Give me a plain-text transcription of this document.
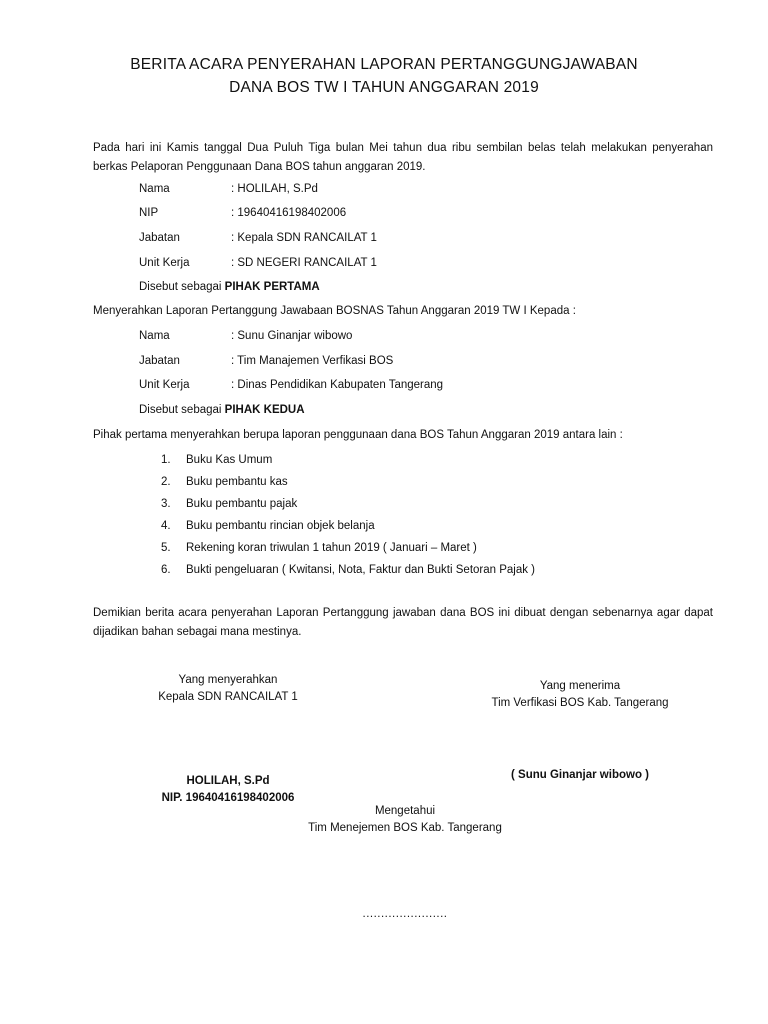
BERITA ACARA PENYERAHAN LAPORAN PERTANGGUNGJAWABAN
DANA BOS TW I TAHUN ANGGARAN 2019
Pada hari ini Kamis tanggal Dua Puluh Tiga bulan Mei tahun dua ribu sembilan belas telah melakukan penyerahan berkas Pelaporan Penggunaan Dana BOS tahun anggaran 2019.
Nama	: HOLILAH, S.Pd
NIP	: 19640416198402006
Jabatan	: Kepala SDN RANCAILAT 1
Unit Kerja	: SD NEGERI RANCAILAT 1
Disebut sebagai PIHAK PERTAMA
Menyerahkan Laporan Pertanggung Jawabaan BOSNAS Tahun Anggaran 2019 TW I Kepada :
Nama	: Sunu Ginanjar wibowo
Jabatan	: Tim Manajemen Verfikasi BOS
Unit Kerja	: Dinas Pendidikan Kabupaten Tangerang
Disebut sebagai PIHAK KEDUA
Pihak pertama menyerahkan berupa laporan penggunaan dana BOS Tahun Anggaran 2019 antara lain :
1. Buku Kas Umum
2. Buku pembantu kas
3. Buku pembantu pajak
4. Buku pembantu rincian objek belanja
5. Rekening koran triwulan 1 tahun 2019 ( Januari – Maret )
6. Bukti pengeluaran ( Kwitansi, Nota, Faktur dan Bukti Setoran Pajak )
Demikian berita acara penyerahan Laporan Pertanggung jawaban dana BOS ini dibuat dengan sebenarnya agar dapat dijadikan bahan sebagai mana mestinya.
Yang menyerahkan
Kepala SDN RANCAILAT 1
Yang menerima
Tim Verfikasi BOS Kab. Tangerang
HOLILAH, S.Pd
NIP. 19640416198402006
( Sunu Ginanjar wibowo )
Mengetahui
Tim Menejemen BOS Kab. Tangerang
.......................
